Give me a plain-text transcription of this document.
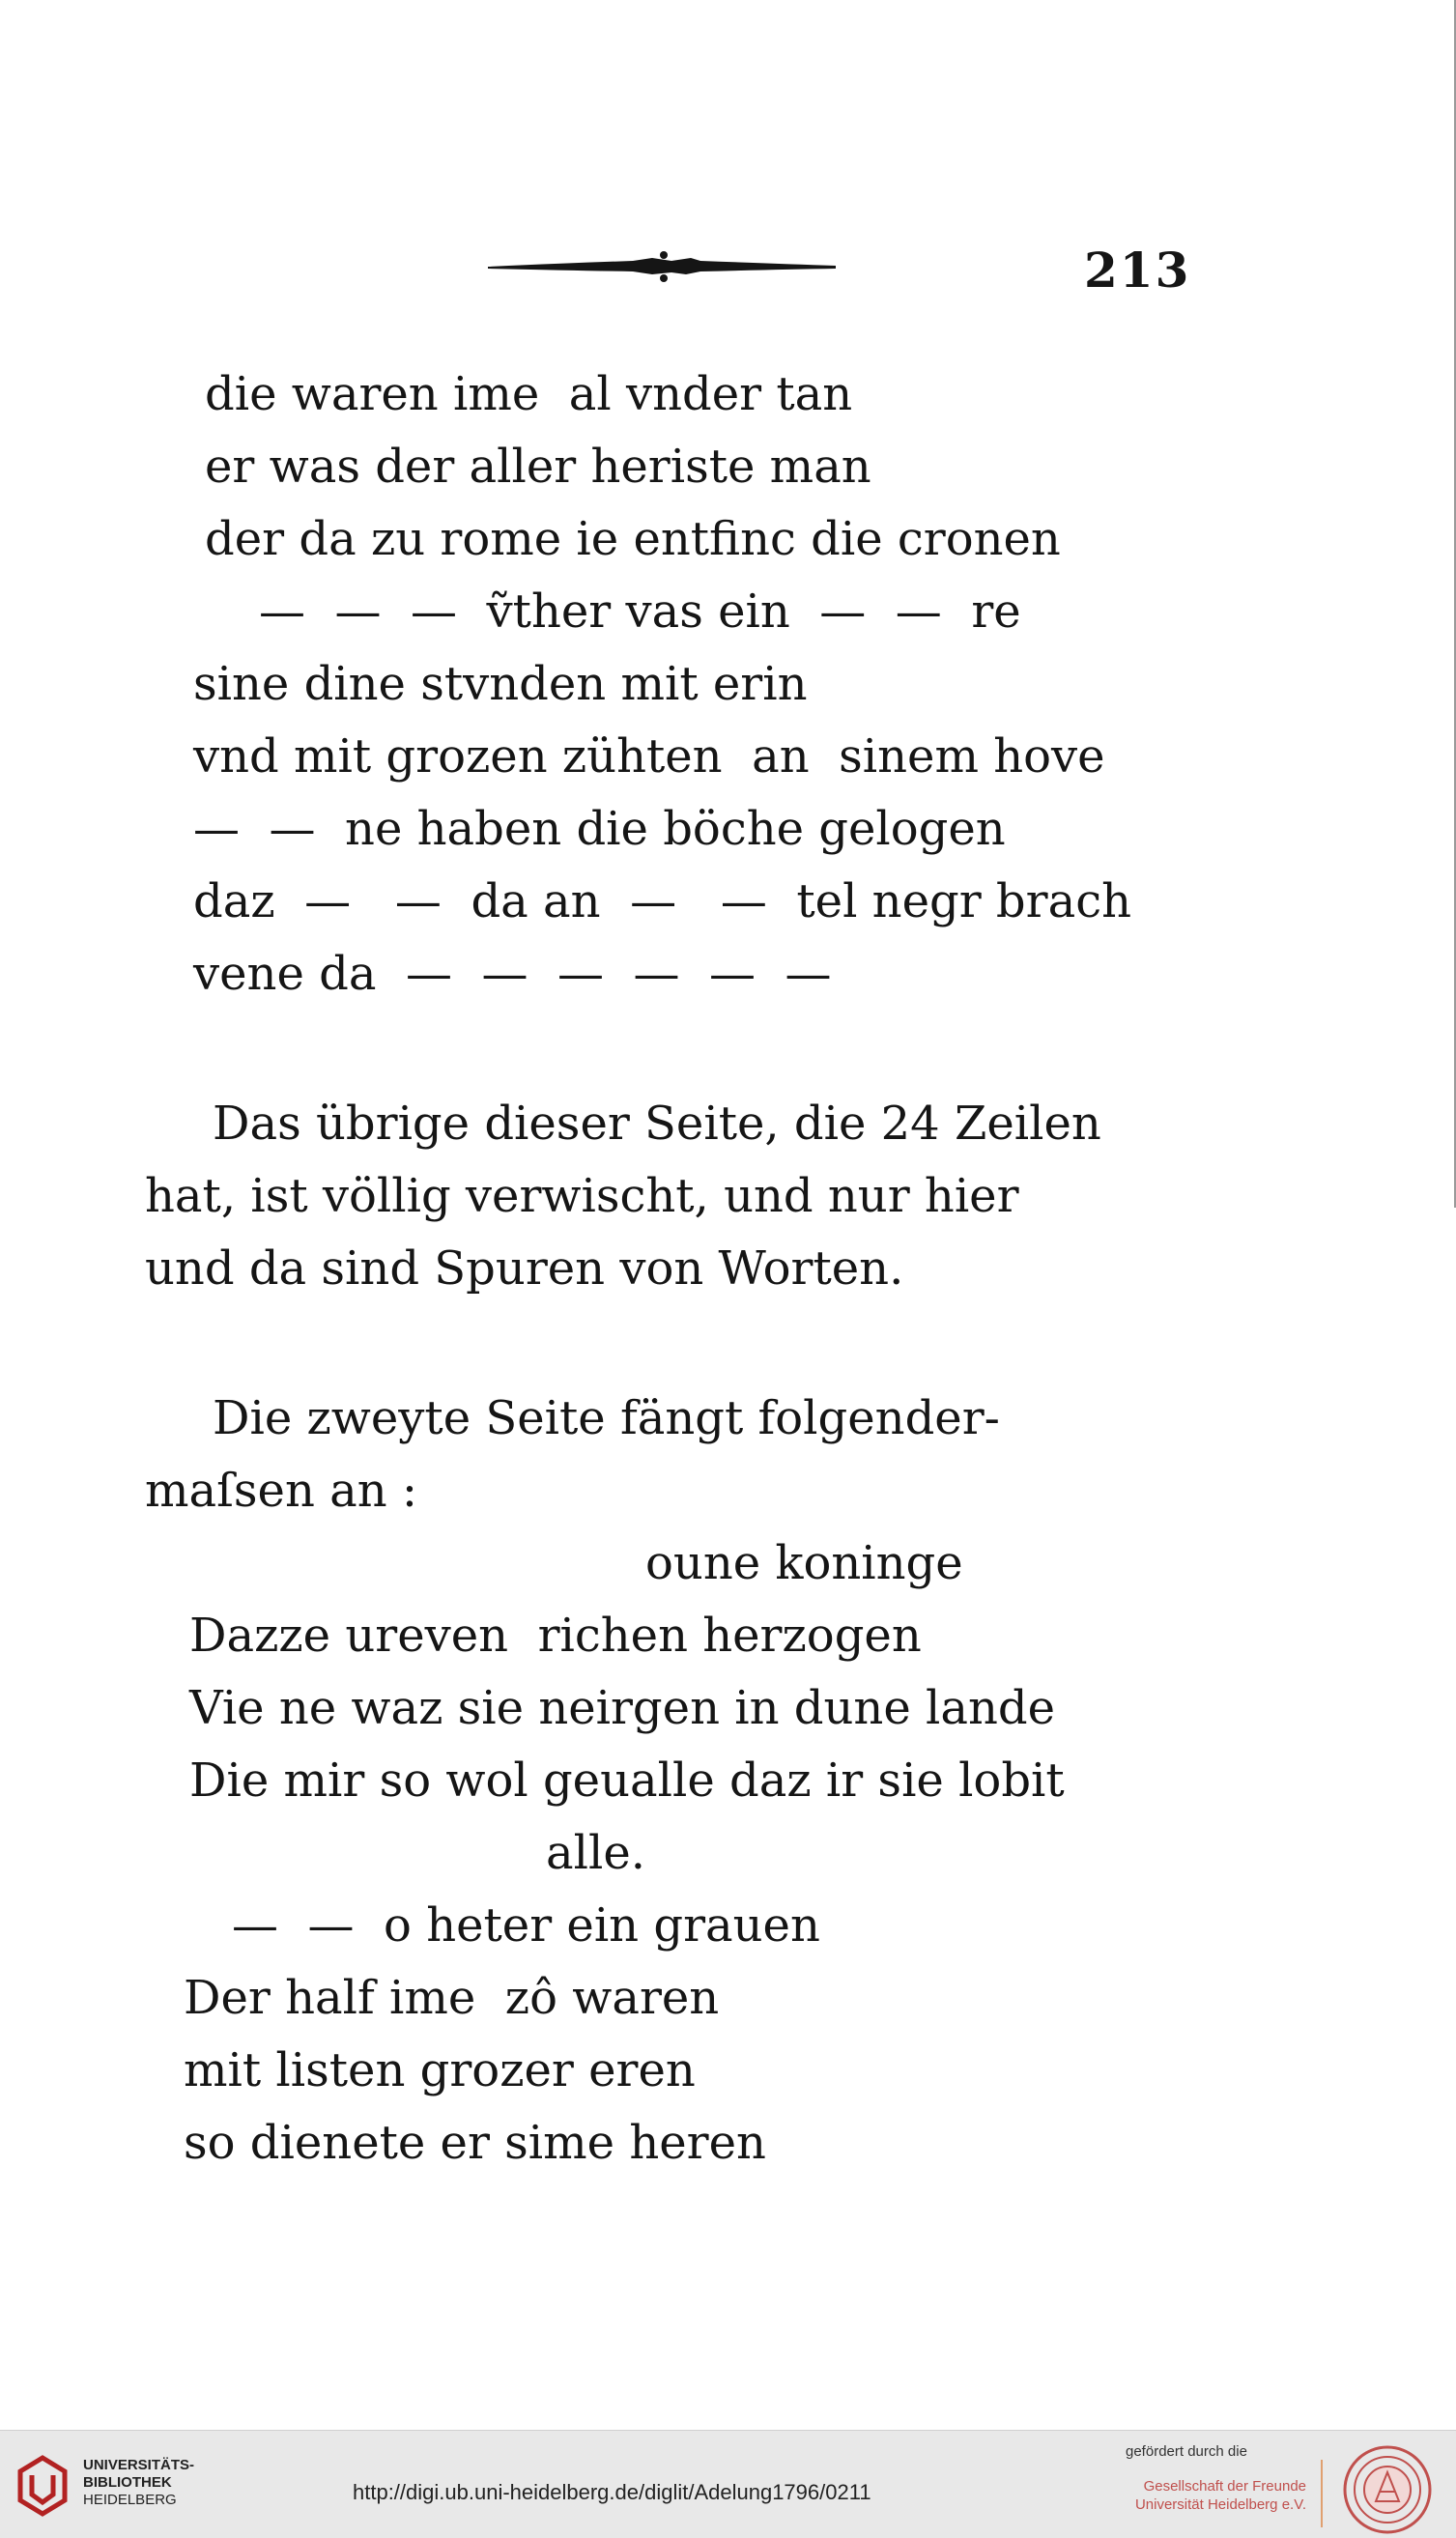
213
die waren ime  al vnder tan
er was der aller heriste man
der da zu rome ie entfinc die cronen
—  —  —  ṽther vas ein  —  —  re
sine dine stvnden mit erin
vnd mit grozen zühten  an  sinem hove
—  —  ne haben die böche gelogen
daz  —   —  da an  —   —  tel negr brach
vene da  —  —  —  —  —  —
Das übrige dieser Seite, die 24 Zeilen
hat, ist völlig verwischt, und nur hier
und da sind Spuren von Worten.
Die zweyte Seite fängt folgender-
maſsen an :
oune koninge
Dazze ureven  richen herzogen
Vie ne waz sie neirgen in dune lande
Die mir so wol geualle daz ir sie lobit
alle.
—  —  o heter ein grauen
Der half ime  zô waren
mit listen grozer eren
so dienete er sime heren
UNIVERSITÄTS-
BIBLIOTHEK
HEIDELBERG	http://digi.ub.uni-heidelberg.de/diglit/Adelung1796/0211
gefördert durch die
Gesellschaft der Freunde
Universität Heidelberg e.V.
